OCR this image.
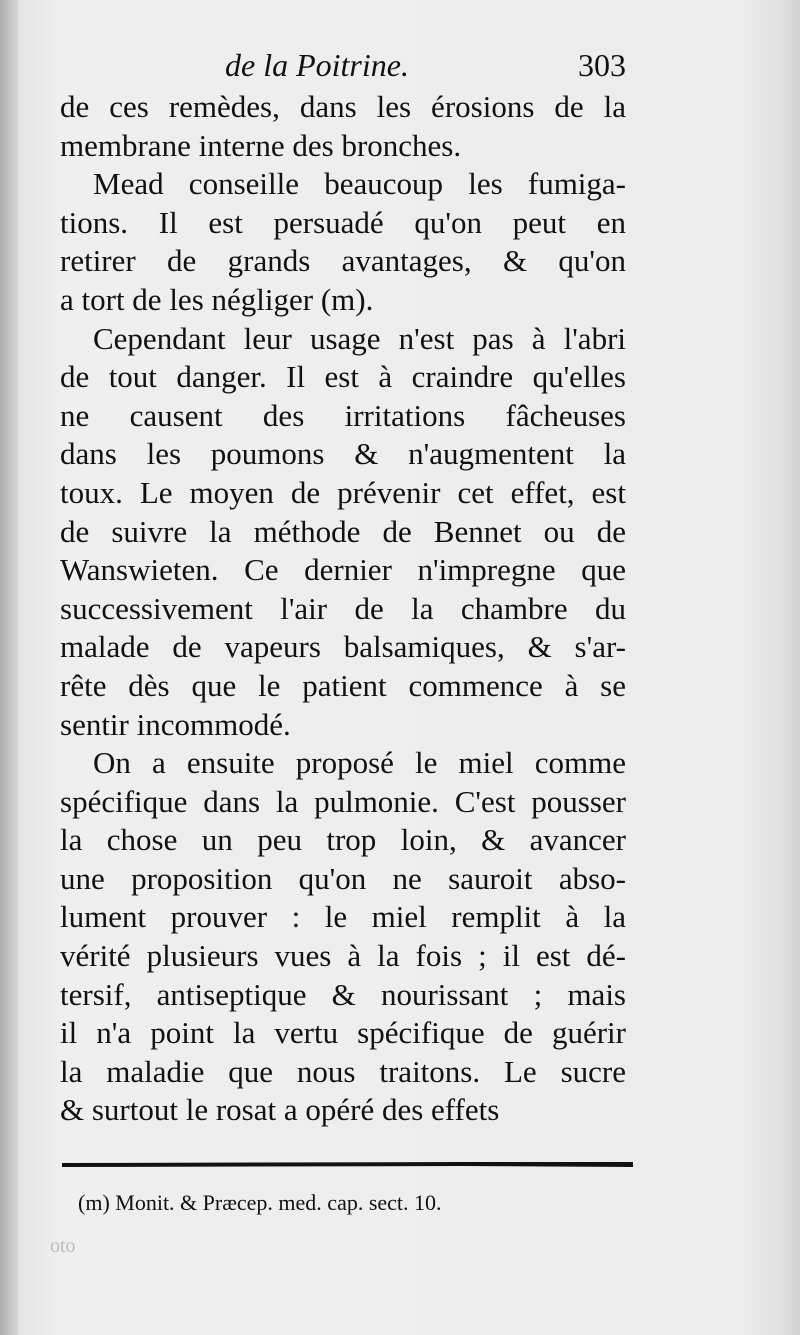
de la Poitrine.	303
de ces remèdes, dans les érosions de la
membrane interne des bronches.
Mead conseille beaucoup les fumiga-
tions. Il est persuadé qu'on peut en
retirer de grands avantages, & qu'on
a tort de les négliger (m).
Cependant leur usage n'est pas à l'abri
de tout danger. Il est à craindre qu'elles
ne causent des irritations fâcheuses
dans les poumons & n'augmentent la
toux. Le moyen de prévenir cet effet, est
de suivre la méthode de Bennet ou de
Wanswieten. Ce dernier n'impregne que
successivement l'air de la chambre du
malade de vapeurs balsamiques, & s'ar-
rête dès que le patient commence à se
sentir incommodé.
On a ensuite proposé le miel comme
spécifique dans la pulmonie. C'est pousser
la chose un peu trop loin, & avancer
une proposition qu'on ne sauroit abso-
lument prouver : le miel remplit à la
vérité plusieurs vues à la fois ; il est dé-
tersif, antiseptique & nourissant ; mais
il n'a point la vertu spécifique de guérir
la maladie que nous traitons. Le sucre
& surtout le rosat a opéré des effets
(m) Monit. & Præcep. med. cap. sect. 10.
oto
